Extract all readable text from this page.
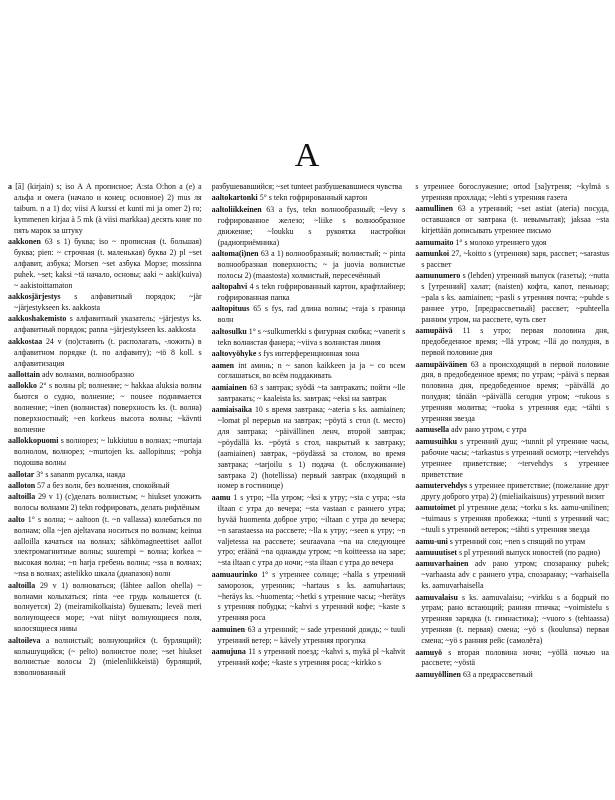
A

a [ā] (kirjain) s; iso A А прописное; A:sta O:hon а (e) a альфа и омега (начало и конец; основное) 2) mus ля taibum. n a 1) do; viisi A kurssi et kunti mi ja omer 2) ro; kymmenen kirjaa à 5 mk (à viisi markkaa) десять книг по пять марок за штуку

aakkonen 63 s 1) буква; iso ~ прописная (t. большая) буква; pien: ~ строчная (t. маленькая) буква 2) pl ~set алфавит, азбука; Morsen ~set азбука Морзе; mossinna puhek. ~set; kaksi ~tä начало, основы; aaki ~ аaki(kuiva) ~ aakistoittamaton

aakkosjärjestys s алфавитный порядок; ~jär ~järjestykseen ks. aakkosta

aakkoshakemisto s алфавитный указатель; ~järjestys ks. алфавитный порядок; panna ~järjestykseen ks. aakkosta

aakkostaa 24 v (по)ставить (t. располагать, -ложить) в алфавитном порядке (t. по алфавиту); ~tö 8 koll. s алфавитизация

aallottain adv волнами, волнообразно

aallokko 2° s волны pl; волнение; ~ hakkaa aluksia волны бьются о судно, волнение; ~ nousee поднимается волнение; ~inen (волнистая) поверхность ks. (t. волна) поверхностный; ~en korkeus высота волны; ~kävnti волнение

aallokkopuomi s волнорез; ~ lukkiutuu в волнах; ~murtaja волнолом, волнорез; ~murtojen ks. aallopituus; ~pohja подошва волны

aallotar 3° s sananm русалка, наяда

aalloton 57 а без волн, без волнения, спокойный

aaltoilla 29 v 1) (с)делать волнистым; ~ hiukset уложить волосы волнами 2) tekn гофрировать, делать рифлёным

aalto 1° s волна; ~ aaltoon (t. ~n vallassa) колебаться по волнам; olla ~jen ajeltavana носиться по волнам; keinua aalloilla качаться на волнах; sähkömagneettiset aallot электромагнитные волны; suurempi ~ волна; korkea ~ высокая волна; ~n harja гребень волны; ~ssa в волнах; ~nsa в волнах; astelikko шкала (диапазон) волн

aaltoilla 29 v 1) волноваться; (lähtee aallon ohella) ~ волнами колыхаться; rinta ~ee грудь колышется (t. волнуется) 2) (meiramikolkaista) бушевать; leveä meri волнующееся море; ~vat niityt волнующиеся поля, колосящиеся нивы

aaltoileva a волнистый; волнующийся (t. бурлящий); колышущийся; (~ pelto) волнистое поле; ~set hiukset волнистые волосы 2) (mielenliikkeistä) бурлящий, взволнованный

разбушевавшийся; ~set tunteet разбушевавшиеся чувства

aaltokartonki 5° s tekn гофрированный картон

aaltoliikkeinen 63 a fys, tekn волнообразный; ~levy s гофрированное железо; ~liike s волнообразное движение; ~loukku s рукоятка настройки (радиоприёмника)

aaltoma(i)nen 63 a 1) волнообразный; волнистый; ~ pinta волнообразная поверхность; ~ ja juovia волнистые полосы 2) (maastosta) холмистый, пересечённый

aaltopahvi 4 s tekn гофрированный картон, крафтлайнер; гофрированная папка

aaltopituus 65 s fys, rad длина волны; ~raja s граница волн

aaltosulku 1° s ~sulkumerkki s фигурная скобка; ~vanerit s tekn волнистая фанера; ~viiva s волнистая линия

aaltovyöhyke s fys интерференционная зона

aamen int аминь; n ~ sanon kaikkeen ja ja ~ со всем соглашаться, во всём поддакивать

aamiainen 63 s завтрак; syödä ~ta завтракать; пойти ~lle завтракать; ~ kaaleista ks. завтрак; ~eksi на завтрак

aamiaisaika 10 s время завтрака; ~ateria s ks. aamiainen; ~lomat pl перерыв на завтрак; ~pöytä s стол (t. место) для завтрака; ~päivällinen ленч, второй завтрак; ~pöydällä ks. ~pöytä s стол, накрытый к завтраку; (aamiainen) завтрак, ~pöydässä за столом, во время завтрака; ~tarjoilu s 1) подача (t. обслуживание) завтрака 2) (hotellissa) первый завтрак (входящий в номер в гостинице)

aamu 1 s утро; ~lla утром; ~ksi к утру; ~sta с утра; ~sta iltaan с утра до вечера; ~sta vastaan с раннего утра; hyvää huomenta доброе утро; ~iltaan с утра до вечера; ~n sarastaessa на рассвете; ~lla к утру; ~seen к утру; ~n valjetessa на рассвете; seuraavana ~na на следующее утро; eräänä ~na однажды утром; ~n koitteessa на заре; ~sta iltaan с утра до ночи; ~sta iltaan с утра до вечера

aamuaurinko 1° s утреннее солнце; ~halla s утренний заморозок, утренник; ~hartaus s ks. aamuhartaus; ~heräys ks. ~huomenta; ~hetki s утренние часы; ~herätys s утренняя побудка; ~kahvi s утренний кофе; ~kaste s утренняя роса

aamuinen 63 a утренний; ~ sade утренний дождь; ~ tuuli утренний ветер; ~ kävely утренняя прогулка

aamujuna 11 s утренний поезд; ~kahvi s, mykä pl ~kahvit утренний кофе; ~kaste s утренняя роса; ~kirkko s

s утреннее богослужение; ortod [за]утреня; ~kylmä s утренняя прохлада; ~lehti s утренняя газета

aamullinen 63 a утренний; ~set astiat (ateria) посуда, оставшаяся от завтрака (t. невымытая); jaksaa ~sta kirjettään дописывать утреннее письмо

aamumaito 1° s молоко утреннего удоя

aamunkoi 27, ~koitto s (утренняя) заря, рассвет; ~sarastus s рассвет

aamunumero s (lehden) утренний выпуск (газеты); ~nutta s [утренний] халат; (naisten) кофта, капот, пеньюар; ~pala s ks. aamiainen; ~pasli s утренняя почта; ~puhde s раннее утро, [предрассветный] рассвет; ~puhteella ранним утром, на рассвете, чуть свет

aamupäivä 11 s утро; первая половина дня, предобеденное время; ~llä утром; ~llä до полудня, в первой половине дня

aamupäiväinen 63 a происходящий в первой половине дня, в предобеденное время; по утрам; ~päivä s первая половина дня, предобеденное время; ~päivällä до полудня; tänään ~päivällä сегодня утром; ~rukous s утренняя молитва; ~ruoka s утренняя еда; ~tähti s утренняя звезда

aamusella adv рано утром, с утра

aamusuihku s утренний душ; ~tunnit pl утренние часы, рабочие часы; ~tarkastus s утренний осмотр; ~tervehdys утреннее приветствие; ~tervehdys s утреннее приветствие

aamutervehdys s утреннее приветствие; (пожелание друг другу доброго утра) 2) (mieliaikaisuus) утренний визит

aamutoimet pl утренние дела; ~torku s ks. aamu-unilinen; ~tuimaus s утренняя пробежка; ~tunti s утренний час; ~tuuli s утренний ветерок; ~tähti s утренняя звезда

aamu-uni s утренний сон; ~nen s спящий по утрам

aamuuutiset s pl утренний выпуск новостей (по радио)

aamuvarhainen adv рано утром; спозаранку puhek; ~varhaasta adv с раннего утра, спозаранку; ~varhaisella ks. aamuvarhaisella

aamuvalaisu s ks. aamuvalaisu; ~virkku s а бодрый по утрам; рано встающий; ранняя птичка; ~voimistelu s утренняя зарядка (t. гимнастика); ~vuoro s (tehtaassa) утренняя (t. первая) смена; ~yö s (koulunsa) первая смена; ~yö s ранняя рейс (самолёта)

aamuyö s вторая половина ночи; ~yöllä ночью на рассвете; ~yöstä

aamuyöllinen 63 a предрассветный
